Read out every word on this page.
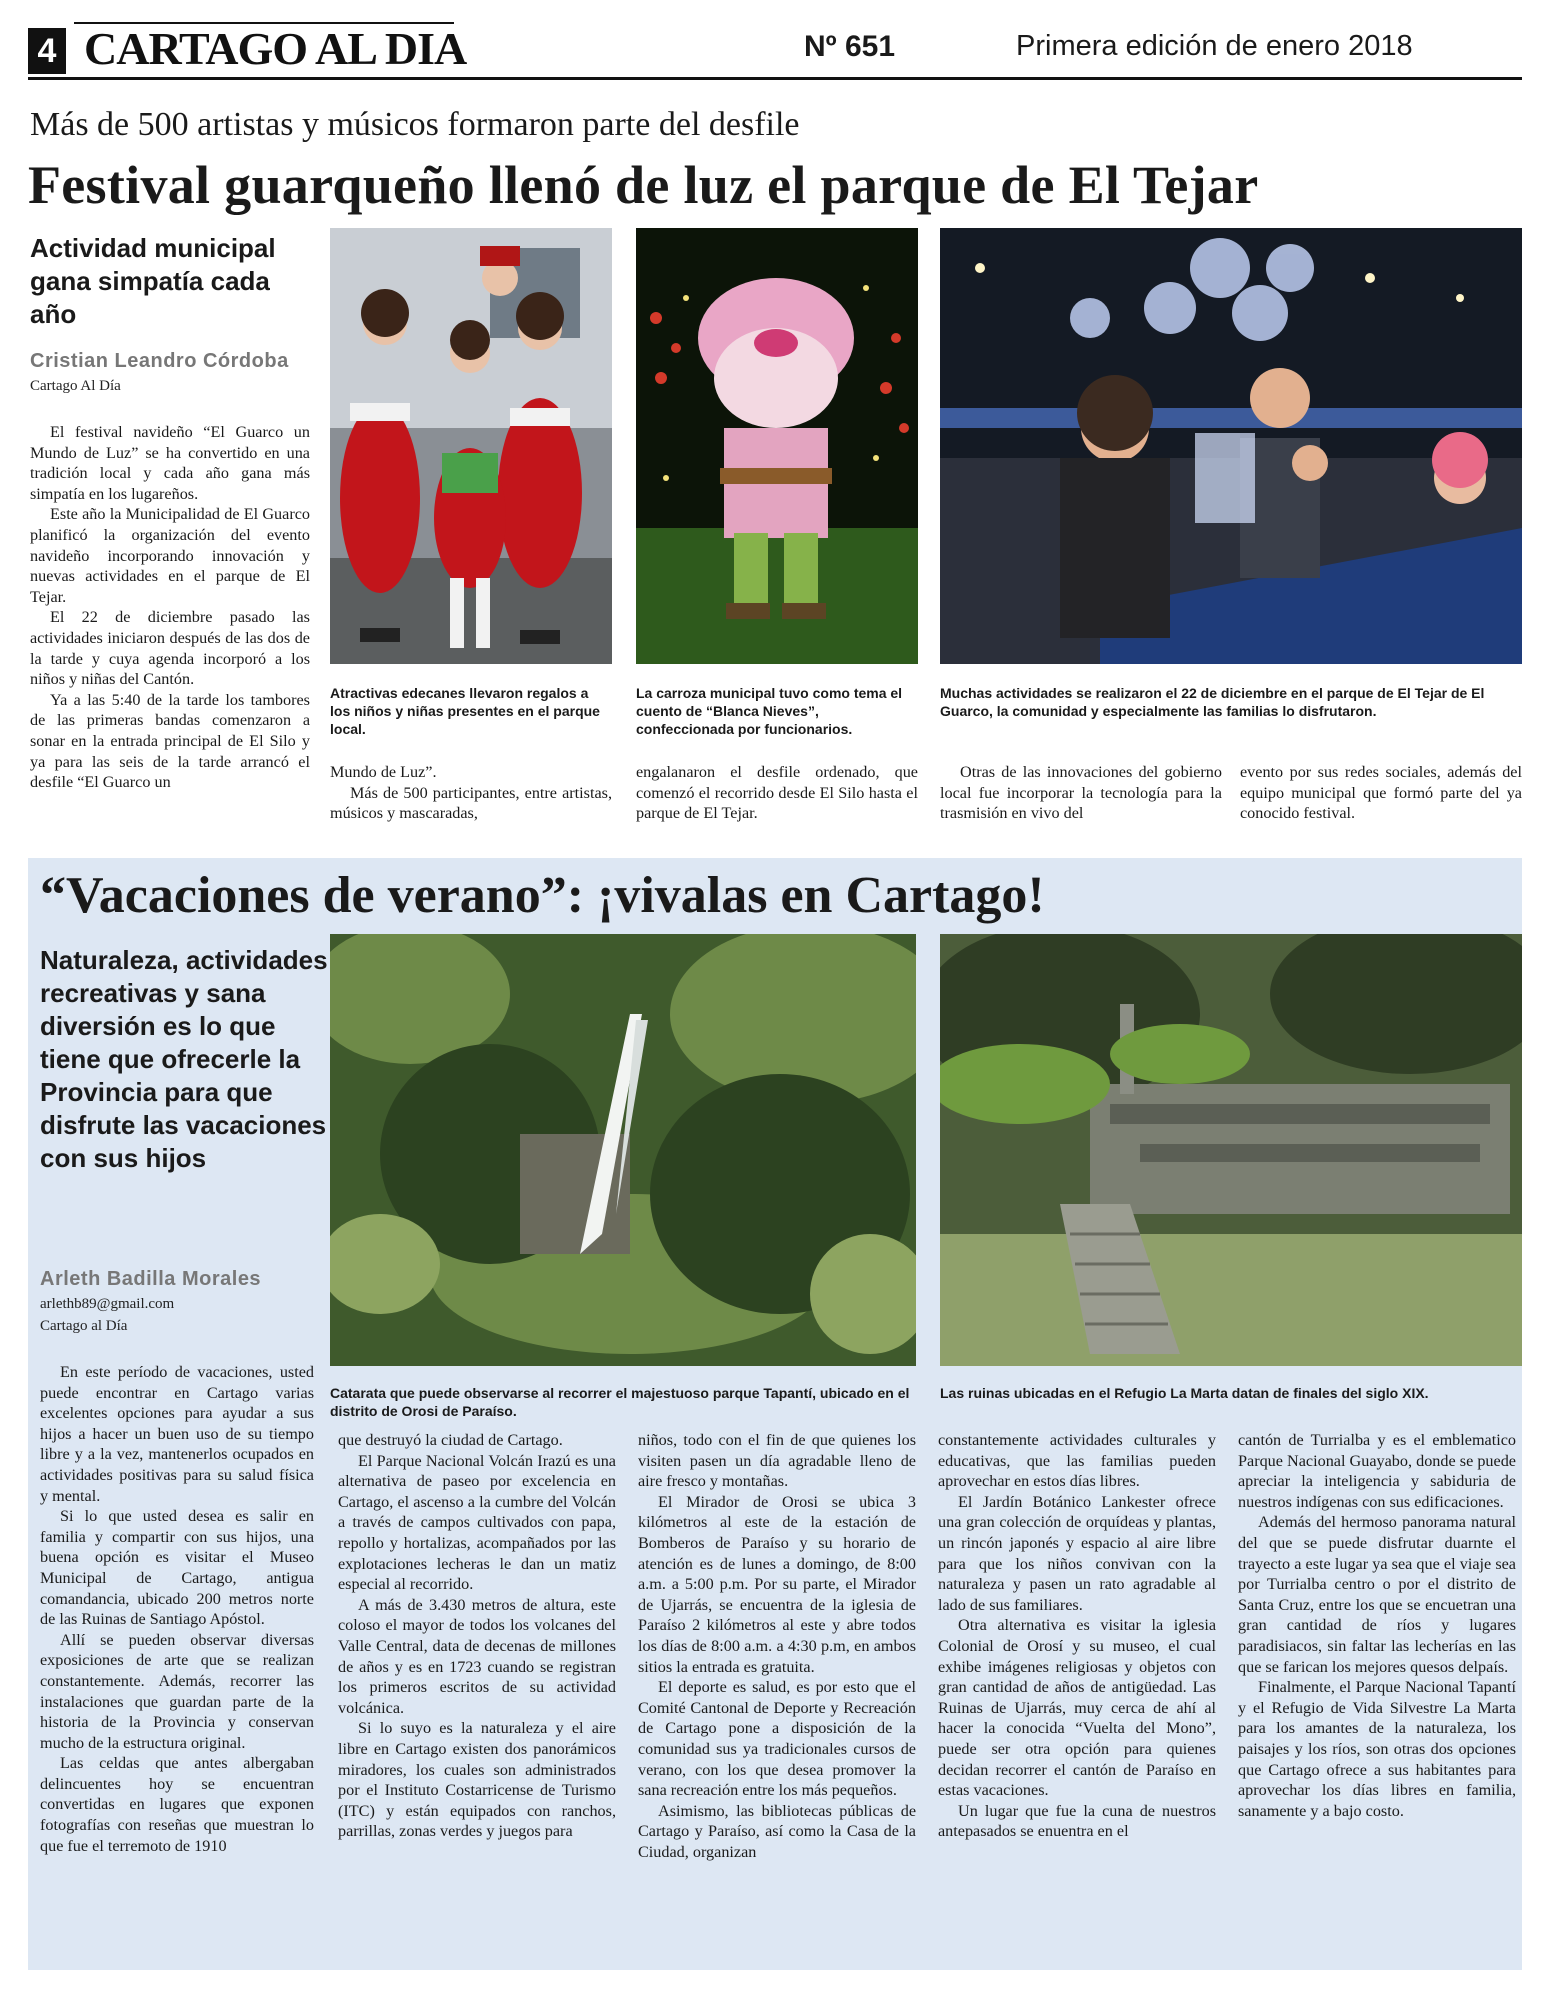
4 CARTAGO AL DIA	Nº 651	Primera edición de enero 2018
Más de 500 artistas y músicos formaron parte del desfile
Festival guarqueño llenó de luz el parque de El Tejar
Actividad municipal gana simpatía cada año
Cristian Leandro Córdoba
Cartago Al Día

El festival navideño “El Guarco un Mundo de Luz” se ha convertido en una tradición local y cada año gana más simpatía en los lugareños.

Este año la Municipalidad de El Guarco planificó la organización del evento navideño incorporando innovación y nuevas actividades en el parque de El Tejar.

El 22 de diciembre pasado las actividades iniciaron después de las dos de la tarde y cuya agenda incorporó a los niños y niñas del Cantón.

Ya a las 5:40 de la tarde los tambores de las primeras bandas comenzaron a sonar en la entrada principal de El Silo y ya para las seis de la tarde arrancó el desfile “El Guarco un

Atractivas edecanes llevaron regalos a los niños y niñas presentes en el parque local.
La carroza municipal tuvo como tema el cuento de “Blanca Nieves”, confeccionada por funcionarios.
Muchas actividades se realizaron el 22 de diciembre en el parque de El Tejar de El Guarco, la comunidad y especialmente las familias lo disfrutaron.

Mundo de Luz”.

Más de 500 participantes, entre artistas, músicos y mascaradas,

engalanaron el desfile ordenado, que comenzó el recorrido desde El Silo hasta el parque de El Tejar.

Otras de las innovaciones del gobierno local fue incorporar la tecnología para la trasmisión en vivo del

evento por sus redes sociales, además del equipo municipal que formó parte del ya conocido festival.

“Vacaciones de verano”: ¡vivalas en Cartago!
Naturaleza, actividades recreativas y sana diversión es lo que tiene que ofrecerle la Provincia para que disfrute las vacaciones con sus hijos
Arleth Badilla Morales
arlethb89@gmail.com
Cartago al Día
Catarata que puede observarse al recorrer el majestuoso parque Tapantí, ubicado en el distrito de Orosi de Paraíso.
Las ruinas ubicadas en el Refugio La Marta datan de finales del siglo XIX.

En este período de vacaciones, usted puede encontrar en Cartago varias excelentes opciones para ayudar a sus hijos a hacer un buen uso de su tiempo libre y a la vez, mantenerlos ocupados en actividades positivas para su salud física y mental.

Si lo que usted desea es salir en familia y compartir con sus hijos, una buena opción es visitar el Museo Municipal de Cartago, antigua comandancia, ubicado 200 metros norte de las Ruinas de Santiago Apóstol.

Allí se pueden observar diversas exposiciones de arte que se realizan constantemente. Además, recorrer las instalaciones que guardan parte de la historia de la Provincia y conservan mucho de la estructura original.

Las celdas que antes albergaban delincuentes hoy se encuentran convertidas en lugares que exponen fotografías con reseñas que muestran lo que fue el terremoto de 1910

que destruyó la ciudad de Cartago.

El Parque Nacional Volcán Irazú es una alternativa de paseo por excelencia en Cartago, el ascenso a la cumbre del Volcán a través de campos cultivados con papa, repollo y hortalizas, acompañados por las explotaciones lecheras le dan un matiz especial al recorrido.

A más de 3.430 metros de altura, este coloso el mayor de todos los volcanes del Valle Central, data de decenas de millones de años y es en 1723 cuando se registran los primeros escritos de su actividad volcánica.

Si lo suyo es la naturaleza y el aire libre en Cartago existen dos panorámicos miradores, los cuales son administrados por el Instituto Costarricense de Turismo (ITC) y están equipados con ranchos, parrillas, zonas verdes y juegos para

niños, todo con el fin de que quienes los visiten pasen un día agradable lleno de aire fresco y montañas.

El Mirador de Orosi se ubica 3 kilómetros al este de la estación de Bomberos de Paraíso y su horario de atención es de lunes a domingo, de 8:00 a.m. a 5:00 p.m. Por su parte, el Mirador de Ujarrás, se encuentra de la iglesia de Paraíso 2 kilómetros al este y abre todos los días de 8:00 a.m. a 4:30 p.m, en ambos sitios la entrada es gratuita.

El deporte es salud, es por esto que el Comité Cantonal de Deporte y Recreación de Cartago pone a disposición de la comunidad sus ya tradicionales cursos de verano, con los que desea promover la sana recreación entre los más pequeños.

Asimismo, las bibliotecas públicas de Cartago y Paraíso, así como la Casa de la Ciudad, organizan

constantemente actividades culturales y educativas, que las familias pueden aprovechar en estos días libres.

El Jardín Botánico Lankester ofrece una gran colección de orquídeas y plantas, un rincón japonés y espacio al aire libre para que los niños convivan con la naturaleza y pasen un rato agradable al lado de sus familiares.

Otra alternativa es visitar la iglesia Colonial de Orosí y su museo, el cual exhibe imágenes religiosas y objetos con gran cantidad de años de antigüedad. Las Ruinas de Ujarrás, muy cerca de ahí al hacer la conocida “Vuelta del Mono”, puede ser otra opción para quienes decidan recorrer el cantón de Paraíso en estas vacaciones.

Un lugar que fue la cuna de nuestros antepasados se enuentra en el

cantón de Turrialba y es el emblematico Parque Nacional Guayabo, donde se puede apreciar la inteligencia y sabiduria de nuestros indígenas con sus edificaciones.

Además del hermoso panorama natural del que se puede disfrutar duarnte el trayecto a este lugar ya sea que el viaje sea por Turrialba centro o por el distrito de Santa Cruz, entre los que se encuetran una gran cantidad de ríos y lugares paradisiacos, sin faltar las lecherías en las que se farican los mejores quesos delpaís.

Finalmente, el Parque Nacional Tapantí y el Refugio de Vida Silvestre La Marta para los amantes de la naturaleza, los paisajes y los ríos, son otras dos opciones que Cartago ofrece a sus habitantes para aprovechar los días libres en familia, sanamente y a bajo costo.
